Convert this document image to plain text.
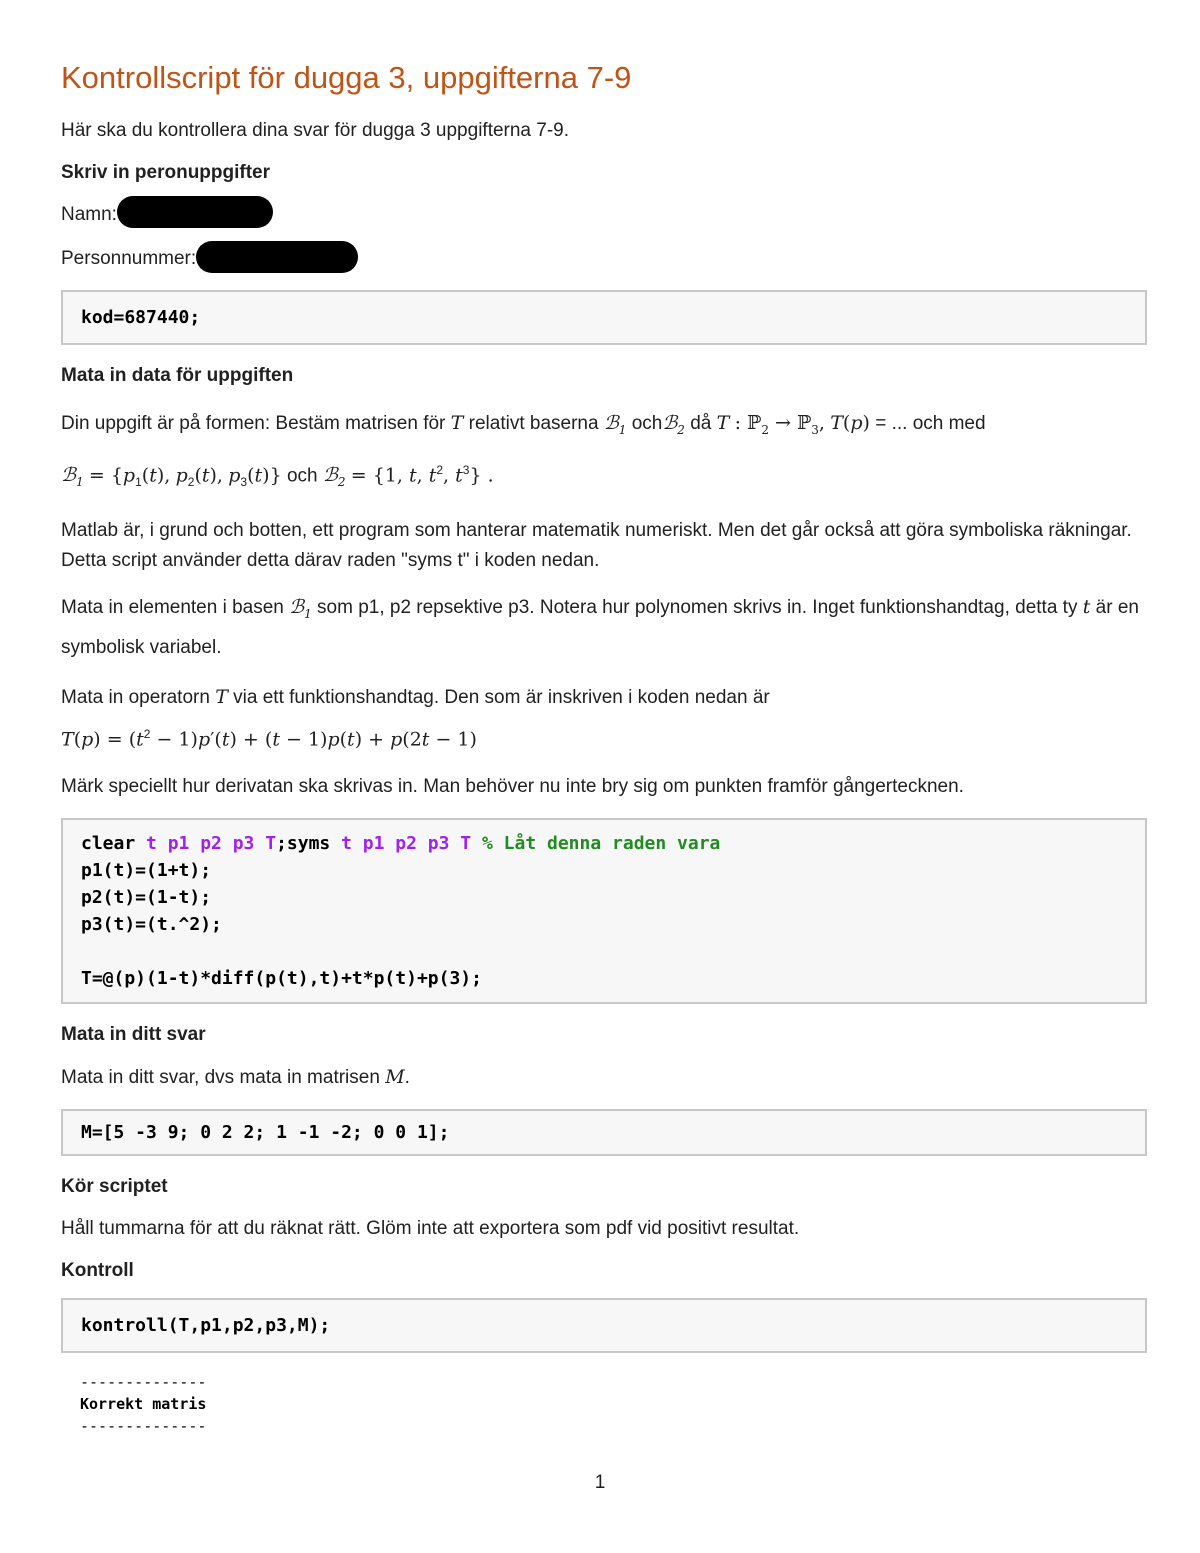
Kontrollscript för dugga 3, uppgifterna 7-9

Här ska du kontrollera dina svar för dugga 3 uppgifterna 7-9.

Skriv in peronuppgifter

Namn:

Personnummer:

kod=687440;
Mata in data för uppgiften

Din uppgift är på formen: Bestäm matrisen för T relativt baserna ℬ$_1$ ochℬ$_2$ då T : ℙ$_2$ → ℙ$_3$, T(p) = ... och med
ℬ$_1$ = {$p_1(t)$, $p_2(t)$, $p_3(t)$} och ℬ$_2$ = {1, t, $t^2$, $t^3$} .

Matlab är, i grund och botten, ett program som hanterar matematik numeriskt. Men det går också att göra symboliska räkningar. Detta script använder detta därav raden "syms t" i koden nedan.

Mata in elementen i basen ℬ$_1$ som p1, p2 repsektive p3. Notera hur polynomen skrivs in. Inget funktionshandtag, detta ty t är en symbolisk variabel.

Mata in operatorn T via ett funktionshandtag. Den som är inskriven i koden nedan är
$T(p) = (t^2 - 1)p'(t) + (t - 1)p(t) + p(2t - 1)$

Märk speciellt hur derivatan ska skrivas in. Man behöver nu inte bry sig om punkten framför gångertecknen.

clear t p1 p2 p3 T;syms t p1 p2 p3 T % Låt denna raden vara
p1(t)=(1+t);
p2(t)=(1-t);
p3(t)=(t.^2);

T=@(p)(1-t)*diff(p(t),t)+t*p(t)+p(3);
Mata in ditt svar

Mata in ditt svar, dvs mata in matrisen M.

M=[5 -3 9; 0 2 2; 1 -1 -2; 0 0 1];
Kör scriptet

Håll tummarna för att du räknat rätt. Glöm inte att exportera som pdf vid positivt resultat.

Kontroll
kontroll(T,p1,p2,p3,M);
--------------
Korrekt matris
--------------
1
